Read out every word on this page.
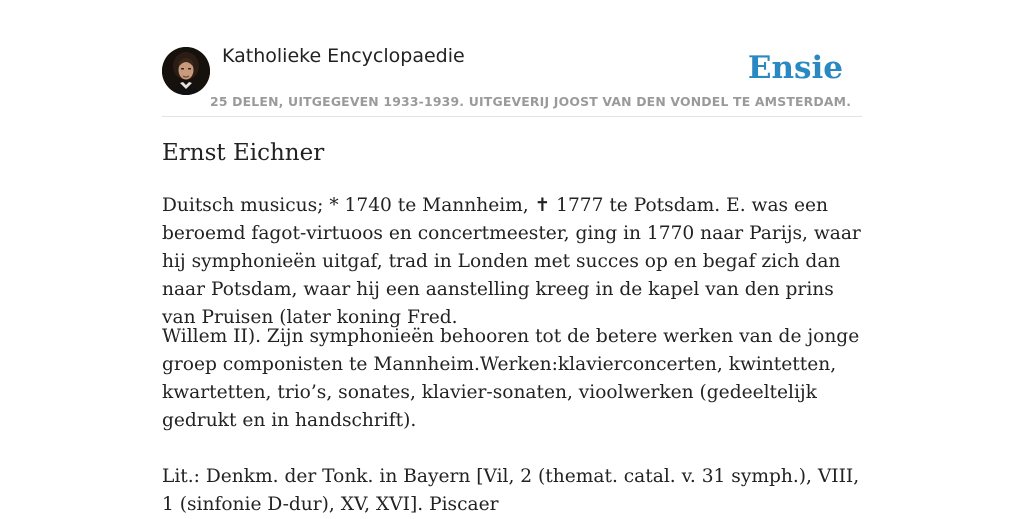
Katholieke Encyclopaedie
25 DELEN, UITGEGEVEN 1933-1939. UITGEVERIJ JOOST VAN DEN VONDEL TE AMSTERDAM.
Ensie
Ernst Eichner

Duitsch musicus; * 1740 te Mannheim, ✝ 1777 te Potsdam. E. was een beroemd fagot-virtuoos en concertmeester, ging in 1770 naar Parijs, waar hij symphonieën uitgaf, trad in Londen met succes op en begaf zich dan naar Potsdam, waar hij een aanstelling kreeg in de kapel van den prins van Pruisen (later koning Fred.

Willem II). Zijn symphonieën behooren tot de betere werken van de jonge groep componisten te Mannheim.Werken:klavierconcerten, kwintetten, kwartetten, trio’s, sonates, klavier-sonaten, vioolwerken (gedeeltelijk gedrukt en in handschrift).

Lit.: Denkm. der Tonk. in Bayern [Vil, 2 (themat. catal. v. 31 symph.), VIII, 1 (sinfonie D-dur), XV, XVI]. Piscaer
